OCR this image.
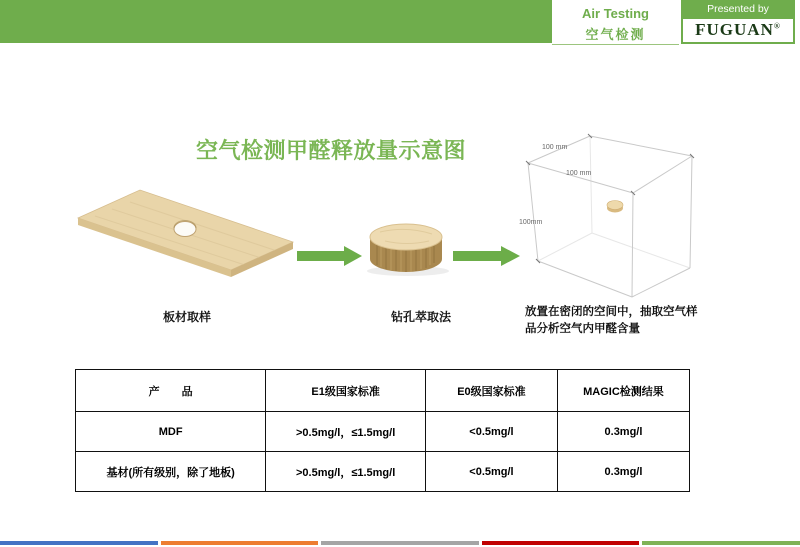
Air Testing
空气检测
Presented by
FUGUAN®
空气检测甲醛释放量示意图	100 mm
100 mm
100mm
板材取样	钻孔萃取法	放置在密闭的空间中，抽取空气样
品分析空气内甲醛含量
产　　品	E1级国家标准	E0级国家标准	MAGIC检测结果
MDF	>0.5mg/l，≤1.5mg/l	<0.5mg/l	0.3mg/l
基材(所有级别，除了地板)	>0.5mg/l，≤1.5mg/l	<0.5mg/l	0.3mg/l
